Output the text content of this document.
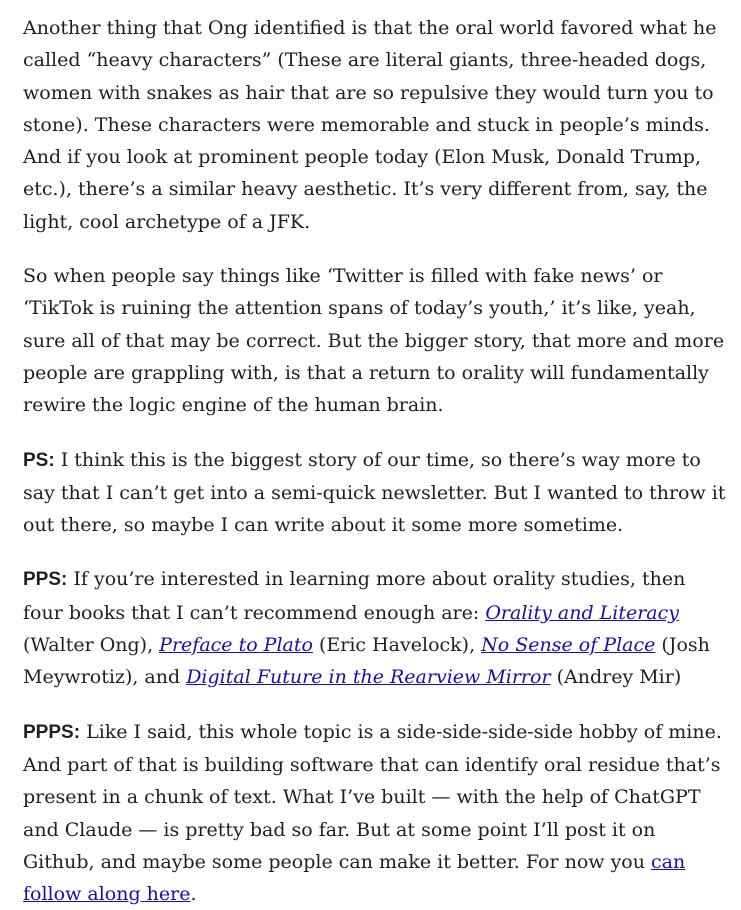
Another thing that Ong identified is that the oral world favored what he called “heavy characters” (These are literal giants, three-headed dogs, women with snakes as hair that are so repulsive they would turn you to stone). These characters were memorable and stuck in people’s minds. And if you look at prominent people today (Elon Musk, Donald Trump, etc.), there’s a similar heavy aesthetic. It’s very different from, say, the light, cool archetype of a JFK.

So when people say things like ‘Twitter is filled with fake news’ or ‘TikTok is ruining the attention spans of today’s youth,’ it’s like, yeah, sure all of that may be correct. But the bigger story, that more and more people are grappling with, is that a return to orality will fundamentally rewire the logic engine of the human brain.

PS: I think this is the biggest story of our time, so there’s way more to say that I can’t get into a semi-quick newsletter. But I wanted to throw it out there, so maybe I can write about it some more sometime.

PPS: If you’re interested in learning more about orality studies, then four books that I can’t recommend enough are: Orality and Literacy (Walter Ong), Preface to Plato (Eric Havelock), No Sense of Place (Josh Meywrotiz), and Digital Future in the Rearview Mirror (Andrey Mir)

PPPS: Like I said, this whole topic is a side-side-side-side hobby of mine. And part of that is building software that can identify oral residue that’s present in a chunk of text. What I’ve built — with the help of ChatGPT and Claude — is pretty bad so far. But at some point I’ll post it on Github, and maybe some people can make it better. For now you can follow along here.
